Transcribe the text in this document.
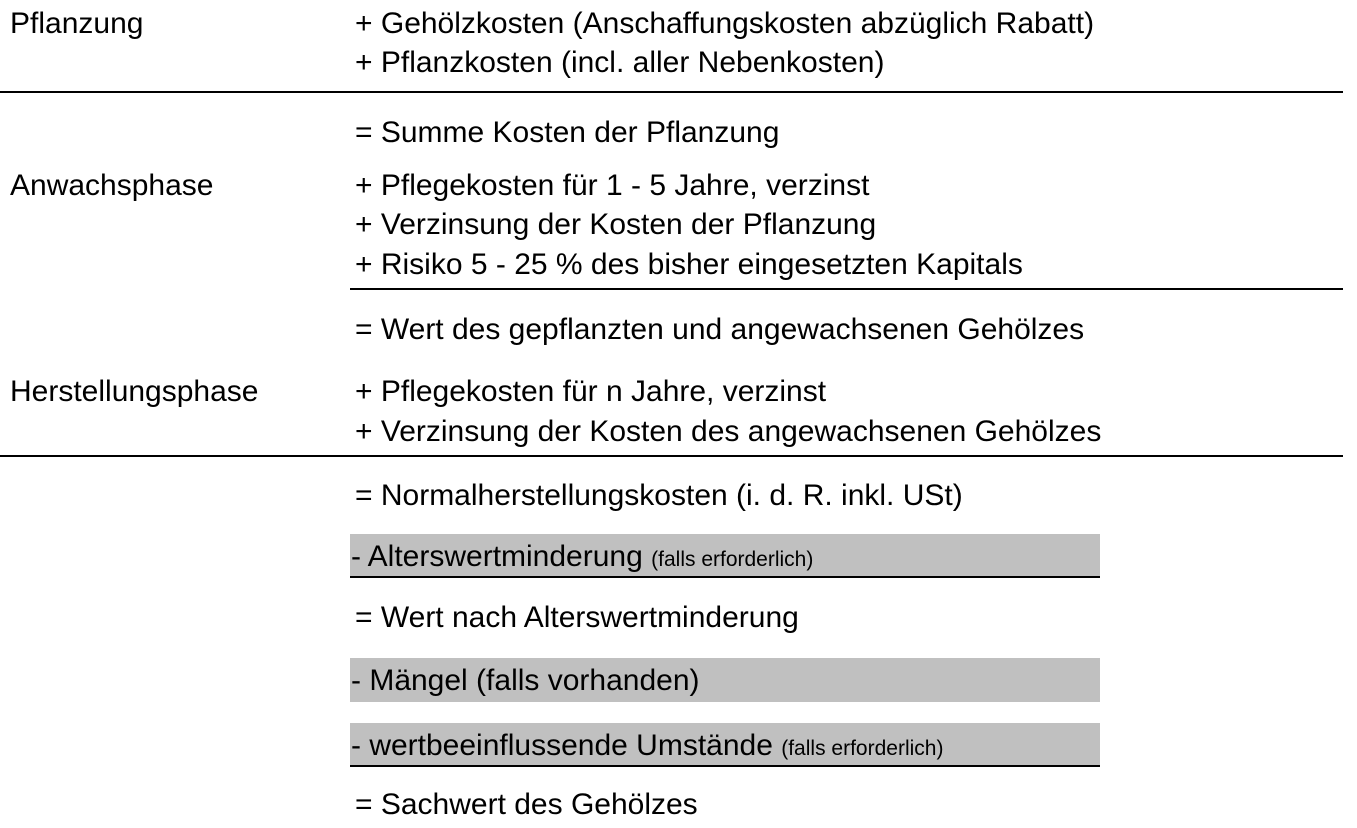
Pflanzung	+ Gehölzkosten (Anschaffungskosten abzüglich Rabatt)
+ Pflanzkosten (incl. aller Nebenkosten)
= Summe Kosten der Pflanzung
Anwachsphase	+ Pflegekosten für 1 - 5 Jahre, verzinst
+ Verzinsung der Kosten der Pflanzung
+ Risiko 5 - 25 % des bisher eingesetzten Kapitals
= Wert des gepflanzten und angewachsenen Gehölzes
Herstellungsphase	+ Pflegekosten für n Jahre, verzinst
+ Verzinsung der Kosten des angewachsenen Gehölzes
= Normalherstellungskosten (i. d. R. inkl. USt)
- Alterswertminderung (falls erforderlich)
= Wert nach Alterswertminderung
- Mängel (falls vorhanden)
- wertbeeinflussende Umstände (falls erforderlich)
= Sachwert des Gehölzes
